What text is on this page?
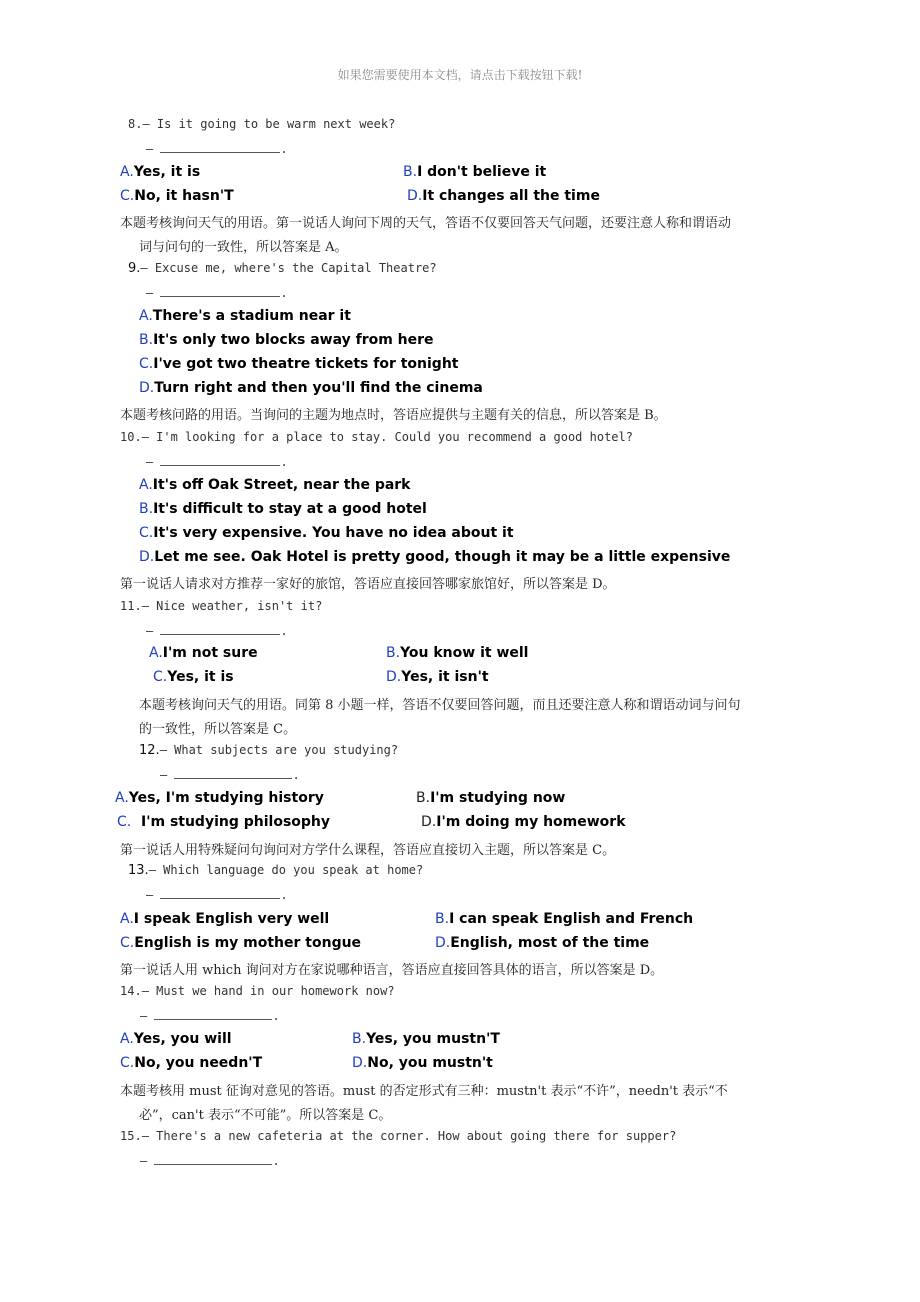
如果您需要使用本文档，请点击下载按钮下载!
8.— Is it going to be warm next week?
—	.
A.Yes, it is	B.I don't believe it
C.No, it hasn'T	D.It changes all the time
本题考核询问天气的用语。第一说话人询问下周的天气，答语不仅要回答天气问题，还要注意人称和谓语动
词与问句的一致性，所以答案是 A。
9.— Excuse me, where's the Capital Theatre?
—	.
A.There's a stadium near it
B.It's only two blocks away from here
C.I've got two theatre tickets for tonight
D.Turn right and then you'll find the cinema
本题考核问路的用语。当询问的主题为地点时，答语应提供与主题有关的信息，所以答案是 B。
10.— I'm looking for a place to stay. Could you recommend a good hotel?
—	.
A.It's off Oak Street, near the park
B.It's difficult to stay at a good hotel
C.It's very expensive. You have no idea about it
D.Let me see. Oak Hotel is pretty good, though it may be a little expensive
第一说话人请求对方推荐一家好的旅馆，答语应直接回答哪家旅馆好，所以答案是 D。
11.— Nice weather, isn't it?
—	.
A.I'm not sure	B.You know it well
C.Yes, it is	D.Yes, it isn't
本题考核询问天气的用语。同第 8 小题一样，答语不仅要回答问题，而且还要注意人称和谓语动词与问句
的一致性，所以答案是 C。
12.— What subjects are you studying?
—	.
A.Yes, I'm studying history	B.I'm studying now
C. I'm studying philosophy	D.I'm doing my homework
第一说话人用特殊疑问句询问对方学什么课程，答语应直接切入主题，所以答案是 C。
13.— Which language do you speak at home?
—	.
A.I speak English very well	B.I can speak English and French
C.English is my mother tongue	D.English, most of the time
第一说话人用 which 询问对方在家说哪种语言，答语应直接回答具体的语言，所以答案是 D。
14.— Must we hand in our homework now?
—	.
A.Yes, you will	B.Yes, you mustn'T
C.No, you needn'T	D.No, you mustn't
本题考核用 must 征询对意见的答语。must 的否定形式有三种：mustn't 表示“不许”，needn't 表示“不
必”，can't 表示“不可能”。所以答案是 C。
15.— There's a new cafeteria at the corner. How about going there for supper?
—	.
